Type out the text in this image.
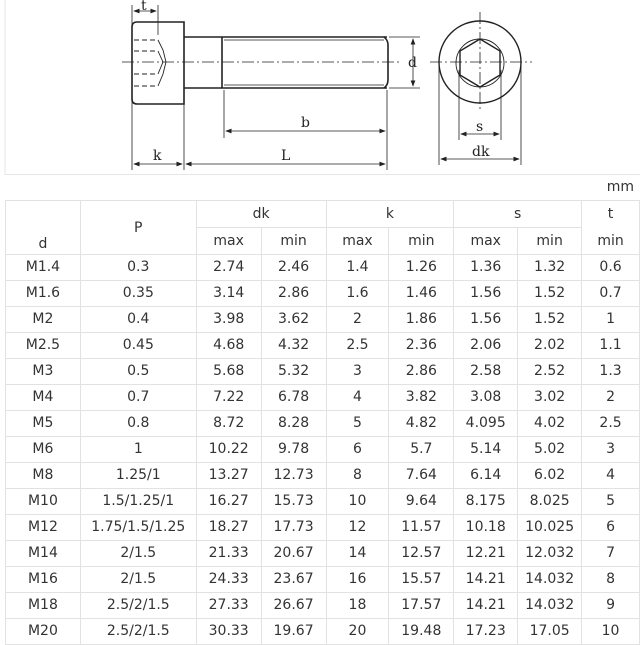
t
b
k	L
d
s
dk
mm
d	P	dk		k		s		t
		max	min	max	min	max	min	min
M1.4	0.3	2.74	2.46	1.4	1.26	1.36	1.32	0.6
M1.6	0.35	3.14	2.86	1.6	1.46	1.56	1.52	0.7
M2	0.4	3.98	3.62	2	1.86	1.56	1.52	1
M2.5	0.45	4.68	4.32	2.5	2.36	2.06	2.02	1.1
M3	0.5	5.68	5.32	3	2.86	2.58	2.52	1.3
M4	0.7	7.22	6.78	4	3.82	3.08	3.02	2
M5	0.8	8.72	8.28	5	4.82	4.095	4.02	2.5
M6	1	10.22	9.78	6	5.7	5.14	5.02	3
M8	1.25/1	13.27	12.73	8	7.64	6.14	6.02	4
M10	1.5/1.25/1	16.27	15.73	10	9.64	8.175	8.025	5
M12	1.75/1.5/1.25	18.27	17.73	12	11.57	10.18	10.025	6
M14	2/1.5	21.33	20.67	14	12.57	12.21	12.032	7
M16	2/1.5	24.33	23.67	16	15.57	14.21	14.032	8
M18	2.5/2/1.5	27.33	26.67	18	17.57	14.21	14.032	9
M20	2.5/2/1.5	30.33	19.67	20	19.48	17.23	17.05	10
